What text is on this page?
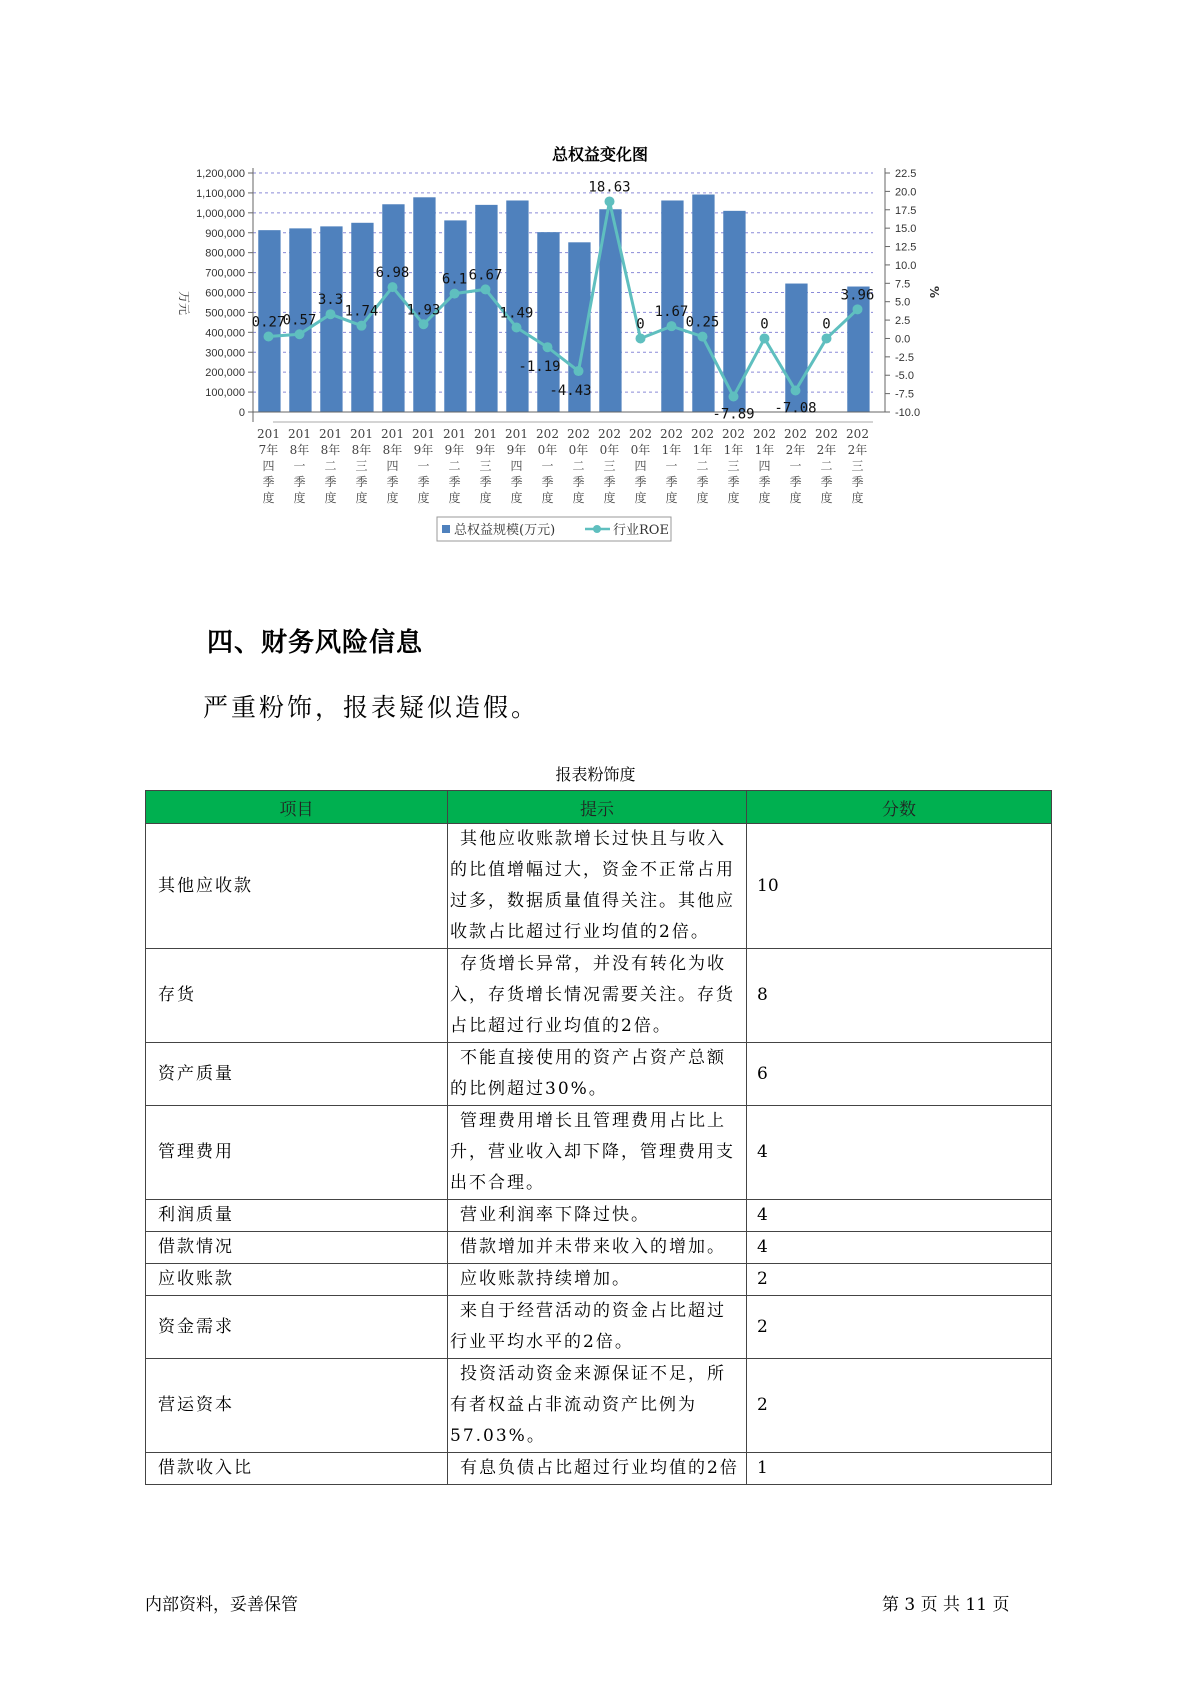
总权益变化图
0
100,000
200,000
300,000
400,000
500,000
600,000
700,000
800,000
900,000
1,000,000
1,100,000
1,200,000
-10.0
-7.5
-5.0
-2.5
0.0
2.5
5.0
7.5
10.0
12.5
15.0
17.5
20.0
22.5
201
7年
四
季
度
201
8年
一
季
度
201
8年
二
季
度
201
8年
三
季
度
201
8年
四
季
度
201
9年
一
季
度
201
9年
二
季
度
201
9年
三
季
度
201
9年
四
季
度
202
0年
一
季
度
202
0年
二
季
度
202
0年
三
季
度
202
0年
四
季
度
202
1年
一
季
度
202
1年
二
季
度
202
1年
三
季
度
202
1年
四
季
度
202
2年
一
季
度
202
2年
二
季
度
202
2年
三
季
度
0.27
0.57
3.3
1.74
6.98
1.93
6.1 6.67
1.49
-1.19
-4.43
18.63
0
1.67
0.25
-7.89
0
-7.08
0
3.96
万元	%
总权益规模(万元)	行业ROE
四、财务风险信息
严重粉饰，报表疑似造假。
报表粉饰度
项目	提示	分数
其他应收款	其他应收账款增长过快且与收入
的比值增幅过大，资金不正常占用
过多，数据质量值得关注。其他应
收款占比超过行业均值的2倍。	10
存货	存货增长异常，并没有转化为收
入，存货增长情况需要关注。存货
占比超过行业均值的2倍。	8
资产质量	不能直接使用的资产占资产总额
的比例超过30%。	6
管理费用	管理费用增长且管理费用占比上
升，营业收入却下降，管理费用支
出不合理。	4
利润质量	营业利润率下降过快。	4
借款情况	借款增加并未带来收入的增加。	4
应收账款	应收账款持续增加。	2
资金需求	来自于经营活动的资金占比超过
行业平均水平的2倍。	2
营运资本	投资活动资金来源保证不足，所
有者权益占非流动资产比例为
57.03%。	2
借款收入比	有息负债占比超过行业均值的2倍	1
内部资料，妥善保管	第 3 页 共 11 页
